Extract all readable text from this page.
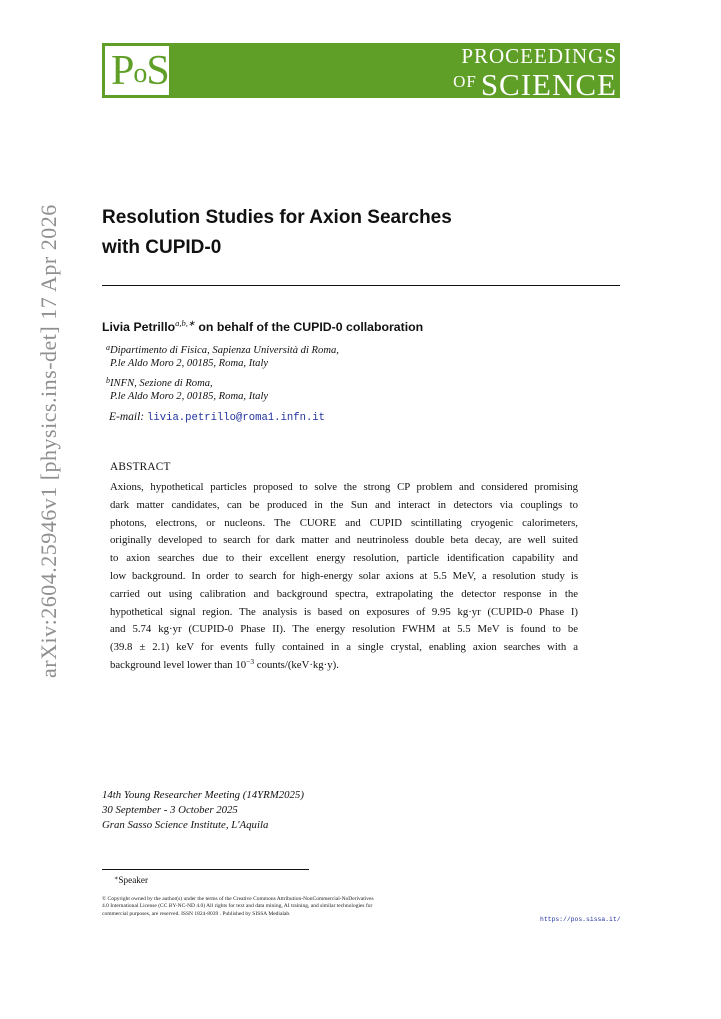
PoS	PROCEEDINGS
OF SCIENCE
arXiv:2604.25946v1 [physics.ins-det] 17 Apr 2026 Resolution Studies for Axion Searches
with CUPID-0
Livia Petrillo$^{a,b,∗}$ on behalf of the CUPID-0 collaboration
$^a$Dipartimento di Fisica, Sapienza Università di Roma,
P.le Aldo Moro 2, 00185, Roma, Italy
$^b$INFN, Sezione di Roma,
P.le Aldo Moro 2, 00185, Roma, Italy
E-mail: livia.petrillo@roma1.infn.it
ABSTRACT
Axions, hypothetical particles proposed to solve the strong CP problem and considered promising
dark matter candidates, can be produced in the Sun and interact in detectors via couplings to
photons, electrons, or nucleons. The CUORE and CUPID scintillating cryogenic calorimeters,
originally developed to search for dark matter and neutrinoless double beta decay, are well suited
to axion searches due to their excellent energy resolution, particle identification capability and
low background. In order to search for high-energy solar axions at 5.5 MeV, a resolution study is
carried out using calibration and background spectra, extrapolating the detector response in the
hypothetical signal region. The analysis is based on exposures of 9.95 kg·yr (CUPID-0 Phase I)
and 5.74 kg·yr (CUPID-0 Phase II). The energy resolution FWHM at 5.5 MeV is found to be
(39.8 ± 2.1) keV for events fully contained in a single crystal, enabling axion searches with a
background level lower than $10^{-3}$ counts/(keV·kg·y).
14th Young Researcher Meeting (14YRM2025)
30 September - 3 October 2025
Gran Sasso Science Institute, L'Aquila
∗Speaker
© Copyright owned by the author(s) under the terms of the Creative Commons Attribution-NonCommercial-NoDerivatives
4.0 International License (CC BY-NC-ND 4.0) All rights for text and data mining, AI training, and similar technologies for
commercial purposes, are reserved. ISSN 1824-8039 . Published by SISSA Medialab.
https://pos.sissa.it/
